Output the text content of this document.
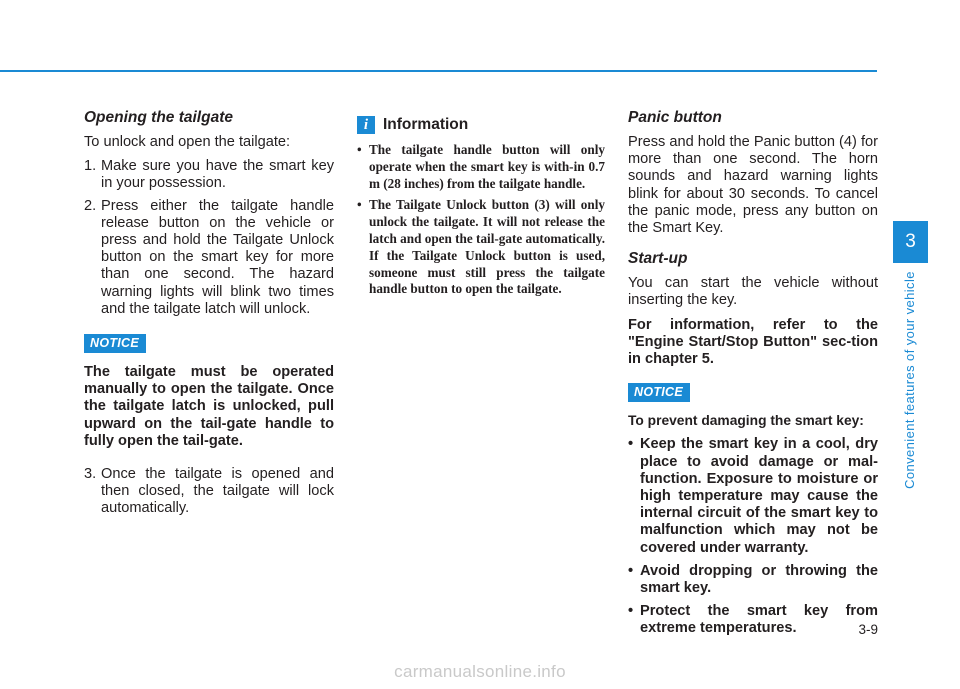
Opening the tailgate

To unlock and open the tailgate:

1. Make sure you have the smart key in your possession.
2. Press either the tailgate handle release button on the vehicle or press and hold the Tailgate Unlock button on the smart key for more than one second. The hazard warning lights will blink two times and the tailgate latch will unlock.
NOTICE

The tailgate must be operated manually to open the tailgate. Once the tailgate latch is unlocked, pull upward on the tail-gate handle to fully open the tail-gate.

3. Once the tailgate is opened and then closed, the tailgate will lock automatically.
i Information
• The tailgate handle button will only operate when the smart key is with-in 0.7 m (28 inches) from the tailgate handle.
• The Tailgate Unlock button (3) will only unlock the tailgate. It will not release the latch and open the tail-gate automatically. If the Tailgate Unlock button is used, someone must still press the tailgate handle button to open the tailgate.
Panic button

Press and hold the Panic button (4) for more than one second. The horn sounds and hazard warning lights blink for about 30 seconds. To cancel the panic mode, press any button on the Smart Key.

Start-up

You can start the vehicle without inserting the key.

For information, refer to the "Engine Start/Stop Button" sec-tion in chapter 5.

NOTICE

To prevent damaging the smart key:

• Keep the smart key in a cool, dry place to avoid damage or mal-function. Exposure to moisture or high temperature may cause the internal circuit of the smart key to malfunction which may not be covered under warranty.
• Avoid dropping or throwing the smart key.
• Protect the smart key from extreme temperatures.
3
Convenient features of your vehicle
3-9
carmanualsonline.info
